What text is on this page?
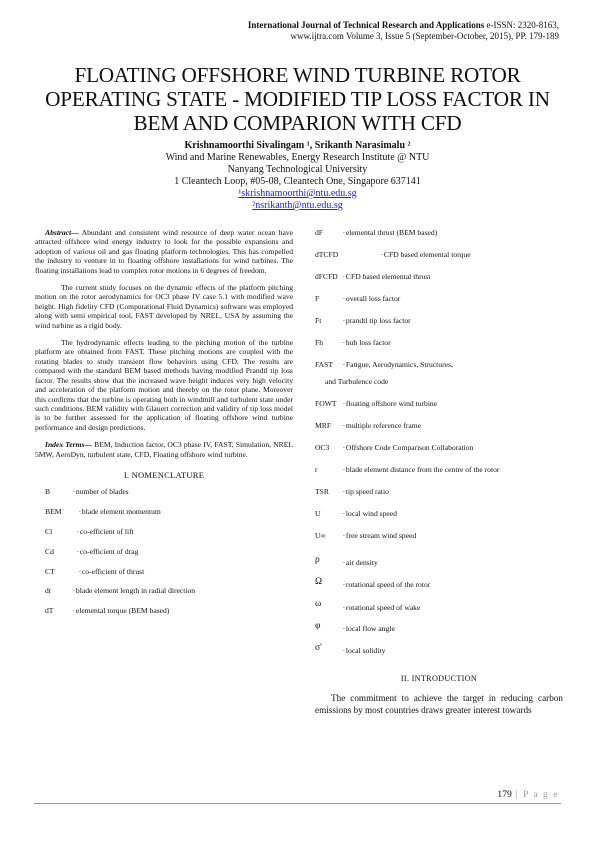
International Journal of Technical Research and Applications e-ISSN: 2320-8163,
www.ijtra.com Volume 3, Issue 5 (September-October, 2015), PP. 179-189
FLOATING OFFSHORE WIND TURBINE ROTOR OPERATING STATE - MODIFIED TIP LOSS FACTOR IN BEM AND COMPARION WITH CFD
Krishnamoorthi Sivalingam ¹, Srikanth Narasimalu ²
Wind and Marine Renewables, Energy Research Institute @ NTU
Nanyang Technological University
1 Cleantech Loop, #05-08, Cleantech One, Singapore 637141
¹skrishnamoorthi@ntu.edu.sg
²nsrikanth@ntu.edu.sg

Abstract— Abundant and consistent wind resource of deep water ocean have attracted offshore wind energy industry to look for the possible expansions and adoption of various oil and gas floating platform technologies. This has compelled the industry to venture in to floating offshore installations for wind turbines. The floating installations lead to complex rotor motions in 6 degrees of freedom.

The current study focuses on the dynamic effects of the platform pitching motion on the rotor aerodynamics for OC3 phase IV case 5.1 with modified wave height. High fidelity CFD (Computational Fluid Dynamics) software was employed along with semi empirical tool, FAST developed by NREL, USA by assuming the wind turbine as a rigid body.

The hydrodynamic effects leading to the pitching motion of the turbine platform are obtained from FAST. These pitching motions are coupled with the rotating blades to study transient flow behaviors using CFD. The results are compared with the standard BEM based methods having modified Prandtl tip loss factor. The results show that the increased wave height induces very high velocity and acceleration of the platform motion and thereby on the rotor plane. Moreover this confirms that the turbine is operating both in windmill and turbulent state under such conditions. BEM validity with Glauert correction and validity of tip loss model is to be further assessed for the application of floating offshore wind turbine performance and design predictions.

Index Terms— BEM, Induction factor, OC3 phase IV, FAST, Simulation, NREL 5MW, AeroDyn, turbulent state, CFD, Floating offshore wind turbine.

I. NOMENCLATURE
B	- number of blades
BEM	- blade element momentum
Cl	- co-efficient of lift
Cd	- co-efficient of drag
CT	- co-efficient of thrust
dr	- blade element length in radial direction
dT	- elemental torque (BEM based)
dF	- elemental thrust (BEM based)
dTCFD	- CFD based elemental torque
dFCFD	- CFD based elemental thrust
F	- overall loss factor
Ft	- prandtl tip loss factor
Fh	- hub loss factor
FAST	- Fatigue, Aerodynamics, Structures,
and Turbulence code
FOWT	- floating offshore wind turbine
MRF	- multiple reference frame
OC3	- Offshore Code Comparison Collaboration
r	- blade element distance from the centre of the rotor
TSR	- tip speed ratio
U	- local wind speed
U∞	- free stream wind speed
ρ	- air density
Ω	- rotational speed of the rotor
ω	- rotational speed of wake
φ	- local flow angle
σ'	- local solidity
II. INTRODUCTION

The commitment to achieve the target in reducing carbon emissions by most countries draws greater interest towards

179 | P a g e
